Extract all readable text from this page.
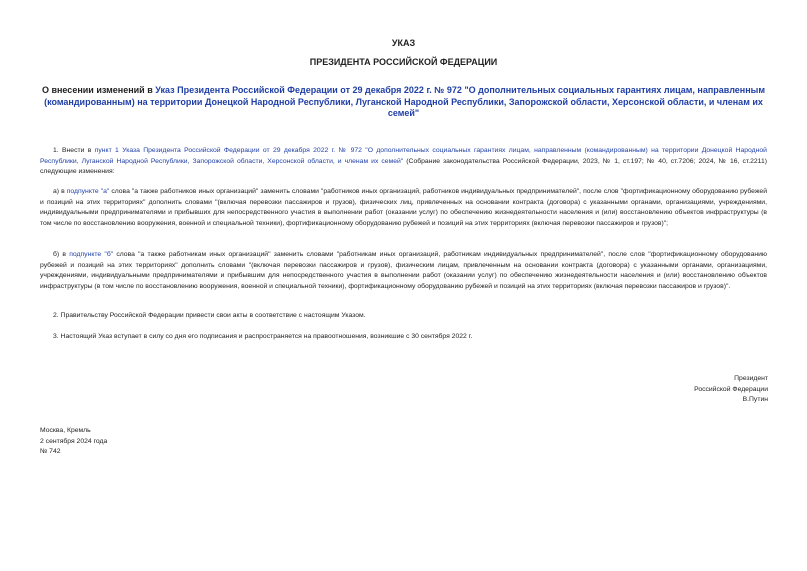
УКАЗ
ПРЕЗИДЕНТА РОССИЙСКОЙ ФЕДЕРАЦИИ
О внесении изменений в Указ Президента Российской Федерации от 29 декабря 2022 г. № 972 "О дополнительных социальных гарантиях лицам, направленным (командированным) на территории Донецкой Народной Республики, Луганской Народной Республики, Запорожской области, Херсонской области, и членам их семей"
1. Внести в пункт 1 Указа Президента Российской Федерации от 29 декабря 2022 г. № 972 "О дополнительных социальных гарантиях лицам, направленным (командированным) на территории Донецкой Народной Республики, Луганской Народной Республики, Запорожской области, Херсонской области, и членам их семей" (Собрание законодательства Российской Федерации, 2023, № 1, ст.197; № 40, ст.7206; 2024, № 16, ст.2211) следующие изменения:
а) в подпункте "а" слова "а также работников иных организаций" заменить словами "работников иных организаций, работников индивидуальных предпринимателей", после слов "фортификационному оборудованию рубежей и позиций на этих территориях" дополнить словами "(включая перевозки пассажиров и грузов), физических лиц, привлеченных на основании контракта (договора) с указанными органами, организациями, учреждениями, индивидуальными предпринимателями и прибывших для непосредственного участия в выполнении работ (оказании услуг) по обеспечению жизнедеятельности населения и (или) восстановлению объектов инфраструктуры (в том числе по восстановлению вооружения, военной и специальной техники), фортификационному оборудованию рубежей и позиций на этих территориях (включая перевозки пассажиров и грузов)";
б) в подпункте "б" слова "а также работникам иных организаций" заменить словами "работникам иных организаций, работникам индивидуальных предпринимателей", после слов "фортификационному оборудованию рубежей и позиций на этих территориях" дополнить словами "(включая перевозки пассажиров и грузов), физическим лицам, привлеченным на основании контракта (договора) с указанными органами, организациями, учреждениями, индивидуальными предпринимателями и прибывшим для непосредственного участия в выполнении работ (оказании услуг) по обеспечению жизнедеятельности населения и (или) восстановлению объектов инфраструктуры (в том числе по восстановлению вооружения, военной и специальной техники), фортификационному оборудованию рубежей и позиций на этих территориях (включая перевозки пассажиров и грузов)".
2. Правительству Российской Федерации привести свои акты в соответствие с настоящим Указом.
3. Настоящий Указ вступает в силу со дня его подписания и распространяется на правоотношения, возникшие с 30 сентября 2022 г.
Президент
Российской Федерации
В.Путин
Москва, Кремль
2 сентября 2024 года
№ 742
